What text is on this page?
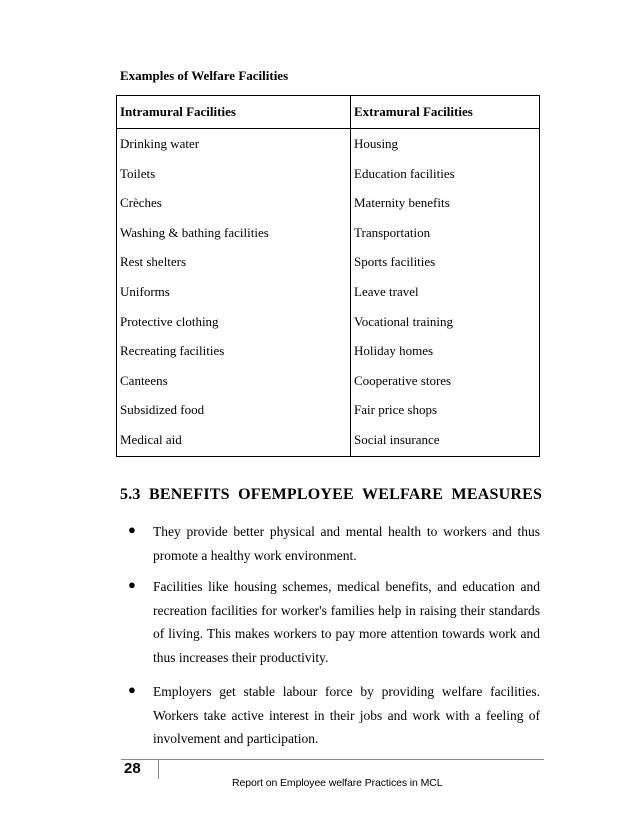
Examples of Welfare Facilities
Intramural Facilities	Extramural Facilities
Drinking water	Housing
Toilets	Education facilities
Crèches	Maternity benefits
Washing & bathing facilities	Transportation
Rest shelters	Sports facilities
Uniforms	Leave travel
Protective clothing	Vocational training
Recreating facilities	Holiday homes
Canteens	Cooperative stores
Subsidized food	Fair price shops
Medical aid	Social insurance
5.3  BENEFITS  OFEMPLOYEE  WELFARE  MEASURES
● They provide better physical and mental health to workers and thus promote a healthy work environment.
● Facilities like housing schemes, medical benefits, and education and recreation facilities for worker's families help in raising their standards of living. This makes workers to pay more attention towards work and thus increases their productivity.
● Employers get stable labour force by providing welfare facilities. Workers take active interest in their jobs and work with a feeling of involvement and participation.
28
Report on Employee welfare Practices in MCL
